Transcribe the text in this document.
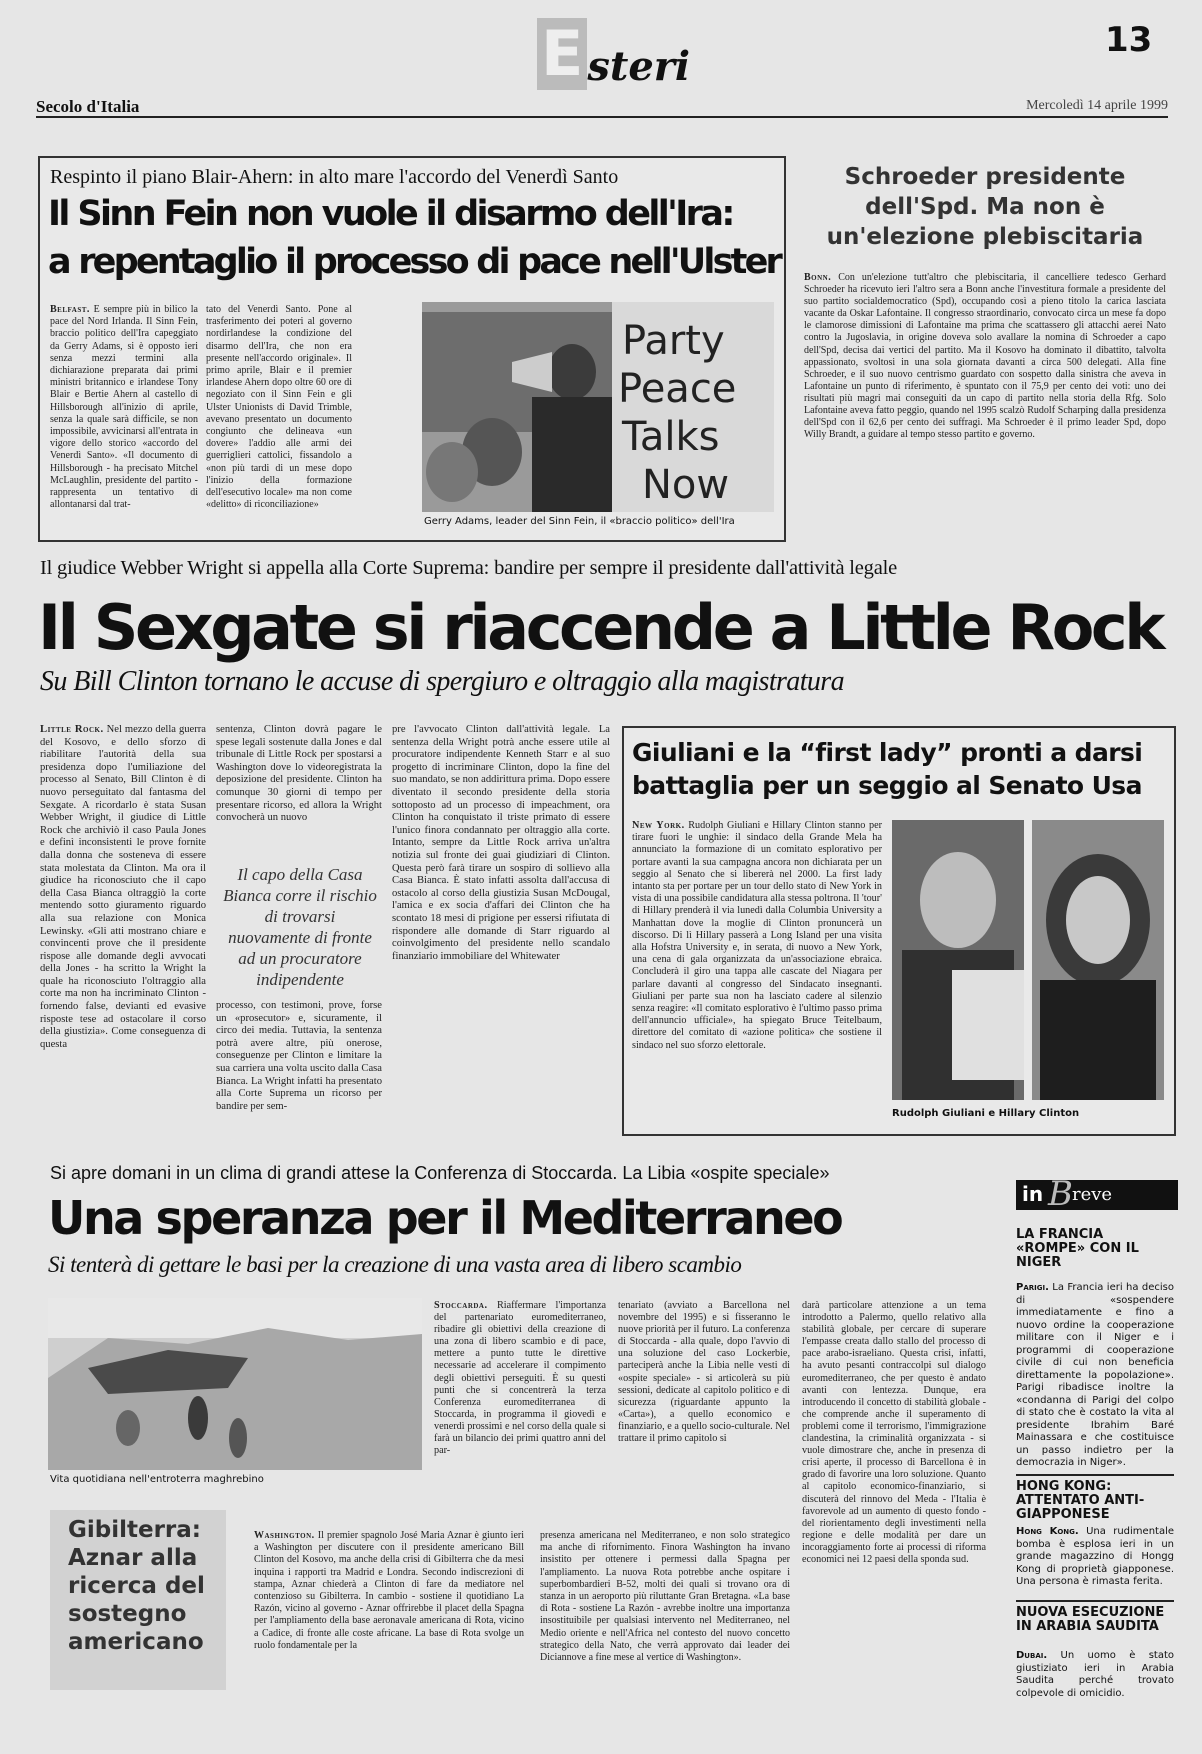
13
E steri
Secolo d'Italia	Mercoledì 14 aprile 1999
Respinto il piano Blair-Ahern: in alto mare l'accordo del Venerdì Santo
Il Sinn Fein non vuole il disarmo dell'Ira:
a repentaglio il processo di pace nell'Ulster
Belfast. E sempre più in bilico la pace del Nord Irlanda. Il Sinn Fein, braccio politico dell'Ira capeggiato da Gerry Adams, si è opposto ieri senza mezzi termini alla dichiarazione preparata dai primi ministri britannico e irlandese Tony Blair e Bertie Ahern al castello di Hillsborough all'inizio di aprile, senza la quale sarà difficile, se non impossibile, avvicinarsi all'entrata in vigore dello storico «accordo del Venerdì Santo». «Il documento di Hillsborough - ha precisato Mitchel McLaughlin, presidente del partito - rappresenta un tentativo di allontanarsi dal trat-
tato del Venerdì Santo. Pone al trasferimento dei poteri al governo nordirlandese la condizione del disarmo dell'Ira, che non era presente nell'accordo originale». Il primo aprile, Blair e il premier irlandese Ahern dopo oltre 60 ore di negoziato con il Sinn Fein e gli Ulster Unionists di David Trimble, avevano presentato un documento congiunto che delineava «un dovere» l'addio alle armi dei guerriglieri cattolici, fissandolo a «non più tardi di un mese dopo l'inizio della formazione dell'esecutivo locale» ma non come «delitto» di riconciliazione»
Party
Peace
Talks
Now
Gerry Adams, leader del Sinn Fein, il «braccio politico» dell'Ira
Schroeder presidente dell'Spd. Ma non è un'elezione plebiscitaria
Bonn. Con un'elezione tutt'altro che plebiscitaria, il cancelliere tedesco Gerhard Schroeder ha ricevuto ieri l'altro sera a Bonn anche l'investitura formale a presidente del suo partito socialdemocratico (Spd), occupando così a pieno titolo la carica lasciata vacante da Oskar Lafontaine. Il congresso straordinario, convocato circa un mese fa dopo le clamorose dimissioni di Lafontaine ma prima che scattassero gli attacchi aerei Nato contro la Jugoslavia, in origine doveva solo avallare la nomina di Schroeder a capo dell'Spd, decisa dai vertici del partito. Ma il Kosovo ha dominato il dibattito, talvolta appassionato, svoltosi in una sola giornata davanti a circa 500 delegati. Alla fine Schroeder, e il suo nuovo centrismo guardato con sospetto dalla sinistra che aveva in Lafontaine un punto di riferimento, è spuntato con il 75,9 per cento dei voti: uno dei risultati più magri mai conseguiti da un capo di partito nella storia della Rfg. Solo Lafontaine aveva fatto peggio, quando nel 1995 scalzò Rudolf Scharping dalla presidenza dell'Spd con il 62,6 per cento dei suffragi. Ma Schroeder è il primo leader Spd, dopo Willy Brandt, a guidare al tempo stesso partito e governo.
Il giudice Webber Wright si appella alla Corte Suprema: bandire per sempre il presidente dall'attività legale
Il Sexgate si riaccende a Little Rock
Su Bill Clinton tornano le accuse di spergiuro e oltraggio alla magistratura
Little Rock. Nel mezzo della guerra del Kosovo, e dello sforzo di riabilitare l'autorità della sua presidenza dopo l'umiliazione del processo al Senato, Bill Clinton è di nuovo perseguitato dal fantasma del Sexgate. A ricordarlo è stata Susan Webber Wright, il giudice di Little Rock che archiviò il caso Paula Jones e definì inconsistenti le prove fornite dalla donna che sosteneva di essere stata molestata da Clinton. Ma ora il giudice ha riconosciuto che il capo della Casa Bianca oltraggiò la corte mentendo sotto giuramento riguardo alla sua relazione con Monica Lewinsky. «Gli atti mostrano chiare e convincenti prove che il presidente rispose alle domande degli avvocati della Jones - ha scritto la Wright la quale ha riconosciuto l'oltraggio alla corte ma non ha incriminato Clinton - fornendo false, devianti ed evasive risposte tese ad ostacolare il corso della giustizia». Come conseguenza di questa
sentenza, Clinton dovrà pagare le spese legali sostenute dalla Jones e dal tribunale di Little Rock per spostarsi a Washington dove lo videoregistrata la deposizione del presidente. Clinton ha comunque 30 giorni di tempo per presentare ricorso, ed allora la Wright convocherà un nuovo
Il capo della Casa Bianca corre il rischio di trovarsi nuovamente di fronte ad un procuratore indipendente
processo, con testimoni, prove, forse un «prosecutor» e, sicuramente, il circo dei media. Tuttavia, la sentenza potrà avere altre, più onerose, conseguenze per Clinton e limitare la sua carriera una volta uscito dalla Casa Bianca. La Wright infatti ha presentato alla Corte Suprema un ricorso per bandire per sem-
pre l'avvocato Clinton dall'attività legale. La sentenza della Wright potrà anche essere utile al procuratore indipendente Kenneth Starr e al suo progetto di incriminare Clinton, dopo la fine del suo mandato, se non addirittura prima. Dopo essere diventato il secondo presidente della storia sottoposto ad un processo di impeachment, ora Clinton ha conquistato il triste primato di essere l'unico finora condannato per oltraggio alla corte. Intanto, sempre da Little Rock arriva un'altra notizia sul fronte dei guai giudiziari di Clinton. Questa però farà tirare un sospiro di sollievo alla Casa Bianca. È stato infatti assolta dall'accusa di ostacolo al corso della giustizia Susan McDougal, l'amica e ex socia d'affari dei Clinton che ha scontato 18 mesi di prigione per essersi rifiutata di rispondere alle domande di Starr riguardo al coinvolgimento del presidente nello scandalo finanziario immobiliare del Whitewater
Giuliani e la “first lady” pronti a darsi battaglia per un seggio al Senato Usa
New York. Rudolph Giuliani e Hillary Clinton stanno per tirare fuori le unghie: il sindaco della Grande Mela ha annunciato la formazione di un comitato esplorativo per portare avanti la sua campagna ancora non dichiarata per un seggio al Senato che si libererà nel 2000. La first lady intanto sta per portare per un tour dello stato di New York in vista di una possibile candidatura alla stessa poltrona. Il 'tour' di Hillary prenderà il via lunedì dalla Columbia University a Manhattan dove la moglie di Clinton pronuncerà un discorso. Di lì Hillary passerà a Long Island per una visita alla Hofstra University e, in serata, di nuovo a New York, una cena di gala organizzata da un'associazione ebraica. Concluderà il giro una tappa alle cascate del Niagara per parlare davanti al congresso del Sindacato insegnanti. Giuliani per parte sua non ha lasciato cadere al silenzio senza reagire: «Il comitato esplorativo è l'ultimo passo prima dell'annuncio ufficiale», ha spiegato Bruce Teitelbaum, direttore del comitato di «azione politica» che sostiene il sindaco nel suo sforzo elettorale.
Rudolph Giuliani e Hillary Clinton
Si apre domani in un clima di grandi attese la Conferenza di Stoccarda. La Libia «ospite speciale»
Una speranza per il Mediterraneo
Si tenterà di gettare le basi per la creazione di una vasta area di libero scambio
Vita quotidiana nell'entroterra maghrebino
Stoccarda. Riaffermare l'importanza del partenariato euromediterraneo, ribadire gli obiettivi della creazione di una zona di libero scambio e di pace, mettere a punto tutte le direttive necessarie ad accelerare il compimento degli obiettivi perseguiti. È su questi punti che si concentrerà la terza Conferenza euromediterranea di Stoccarda, in programma il giovedì e venerdì prossimi e nel corso della quale si farà un bilancio dei primi quattro anni del par-
tenariato (avviato a Barcellona nel novembre del 1995) e si fisseranno le nuove priorità per il futuro. La conferenza di Stoccarda - alla quale, dopo l'avvio di una soluzione del caso Lockerbie, parteciperà anche la Libia nelle vesti di «ospite speciale» - si articolerà su più sessioni, dedicate al capitolo politico e di sicurezza (riguardante appunto la «Carta»), a quello economico e finanziario, e a quello socio-culturale. Nel trattare il primo capitolo si
darà particolare attenzione a un tema introdotto a Palermo, quello relativo alla stabilità globale, per cercare di superare l'empasse creata dallo stallo del processo di pace arabo-israeliano. Questa crisi, infatti, ha avuto pesanti contraccolpi sul dialogo euromediterraneo, che per questo è andato avanti con lentezza. Dunque, era introducendo il concetto di stabilità globale - che comprende anche il superamento di problemi come il terrorismo, l'immigrazione clandestina, la criminalità organizzata - si vuole dimostrare che, anche in presenza di crisi aperte, il processo di Barcellona è in grado di favorire una loro soluzione. Quanto al capitolo economico-finanziario, si discuterà del rinnovo del Meda - l'Italia è favorevole ad un aumento di questo fondo - del riorientamento degli investimenti nella regione e delle modalità per dare un incoraggiamento forte ai processi di riforma economici nei 12 paesi della sponda sud.
Gibilterra: Aznar alla ricerca del sostegno americano
Washington. Il premier spagnolo José Maria Aznar è giunto ieri a Washington per discutere con il presidente americano Bill Clinton del Kosovo, ma anche della crisi di Gibilterra che da mesi inquina i rapporti tra Madrid e Londra. Secondo indiscrezioni di stampa, Aznar chiederà a Clinton di fare da mediatore nel contenzioso su Gibilterra. In cambio - sostiene il quotidiano La Razón, vicino al governo - Aznar offrirebbe il placet della Spagna per l'ampliamento della base aeronavale americana di Rota, vicino a Cadice, di fronte alle coste africane. La base di Rota svolge un ruolo fondamentale per la
presenza americana nel Mediterraneo, e non solo strategico ma anche di rifornimento. Finora Washington ha invano insistito per ottenere i permessi dalla Spagna per l'ampliamento. La nuova Rota potrebbe anche ospitare i superbombardieri B-52, molti dei quali si trovano ora di stanza in un aeroporto più riluttante Gran Bretagna. «La base di Rota - sostiene La Razón - avrebbe inoltre una importanza insostituibile per qualsiasi intervento nel Mediterraneo, nel Medio oriente e nell'Africa nel contesto del nuovo concetto strategico della Nato, che verrà approvato dai leader dei Diciannove a fine mese al vertice di Washington».
in B reve
LA FRANCIA «ROMPE» CON IL NIGER
Parigi. La Francia ieri ha deciso di «sospendere immediatamente e fino a nuovo ordine la cooperazione militare con il Niger e i programmi di cooperazione civile di cui non beneficia direttamente la popolazione». Parigi ribadisce inoltre la «condanna di Parigi del colpo di stato che è costato la vita al presidente Ibrahim Baré Mainassara e che costituisce un passo indietro per la democrazia in Niger».
HONG KONG: ATTENTATO ANTI-GIAPPONESE
Hong Kong. Una rudimentale bomba è esplosa ieri in un grande magazzino di Hongg Kong di proprietà giapponese. Una persona è rimasta ferita.
NUOVA ESECUZIONE IN ARABIA SAUDITA
Dubai. Un uomo è stato giustiziato ieri in Arabia Saudita perché trovato colpevole di omicidio.
